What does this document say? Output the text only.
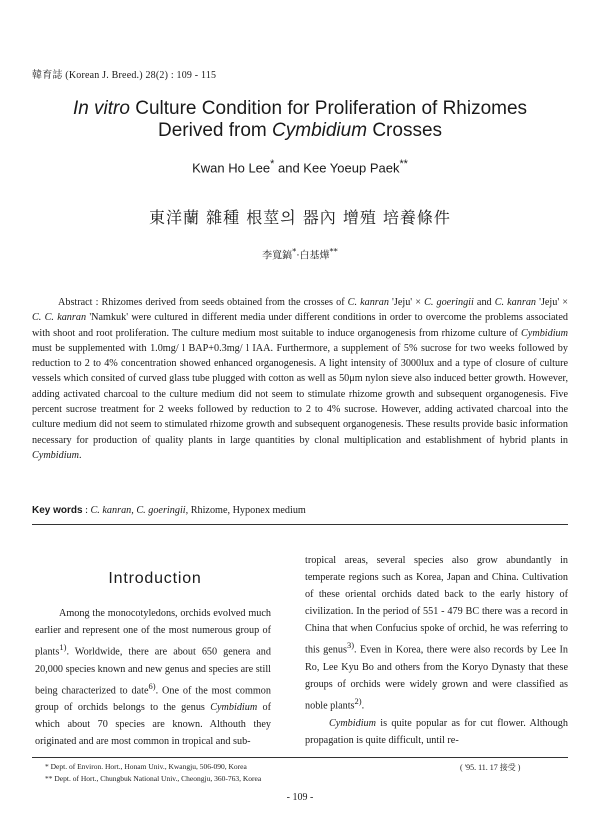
韓育誌 (Korean J. Breed.) 28(2) : 109 - 115
In vitro Culture Condition for Proliferation of Rhizomes
Derived from Cymbidium Crosses
Kwan Ho Lee* and Kee Yoeup Paek**
東洋蘭 雜種 根莖의 器內 增殖 培養條件
李寬鎬*·白基燁**
Abstract : Rhizomes derived from seeds obtained from the crosses of C. kanran 'Jeju' × C. goeringii and C. kanran 'Jeju' × C. C. kanran 'Namkuk' were cultured in different media under different conditions in order to overcome the problems associated with shoot and root proliferation. The culture medium most suitable to induce organogenesis from rhizome culture of Cymbidium must be supplemented with 1.0mg/ l BAP+0.3mg/ l IAA. Furthermore, a supplement of 5% sucrose for two weeks followed by reduction to 2 to 4% concentration showed enhanced organogenesis. A light intensity of 3000lux and a type of closure of culture vessels which consited of curved glass tube plugged with cotton as well as 50μm nylon sieve also induced better growth. However, adding activated charcoal to the culture medium did not seem to stimulate rhizome growth and subsequent organogenesis. Five percent sucrose treatment for 2 weeks followed by reduction to 2 to 4% sucrose. However, adding activated charcoal into the culture medium did not seem to stimulated rhizome growth and subsequent organogenesis. These results provide basic information necessary for production of quality plants in large quantities by clonal multiplication and establishment of hybrid plants in Cymbidium.
Key words : C. kanran, C. goeringii, Rhizome, Hyponex medium
Introduction
Among the monocotyledons, orchids evolved much earlier and represent one of the most numerous group of plants$^{1)}$. Worldwide, there are about 650 genera and 20,000 species known and new genus and species are still being characterized to date$^{6)}$. One of the most common group of orchids belongs to the genus Cymbidium of which about 70 species are known. Althouth they originated and are most common in tropical and sub-

tropical areas, several species also grow abundantly in temperate regions such as Korea, Japan and China. Cultivation of these oriental orchids dated back to the early history of civilization. In the period of 551 - 479 BC there was a record in China that when Confucius spoke of orchid, he was referring to this genus$^{3)}$. Even in Korea, there were also records by Lee In Ro, Lee Kyu Bo and others from the Koryo Dynasty that these groups of orchids were widely grown and were classified as noble plants$^{2)}$.

Cymbidium is quite popular as for cut flower. Although propagation is quite difficult, until re-

* Dept. of Environ. Hort., Honam Univ., Kwangju, 506-090, Korea
** Dept. of Hort., Chungbuk National Univ., Cheongju, 360-763, Korea
( '95. 11. 17 接受 )
- 109 -
